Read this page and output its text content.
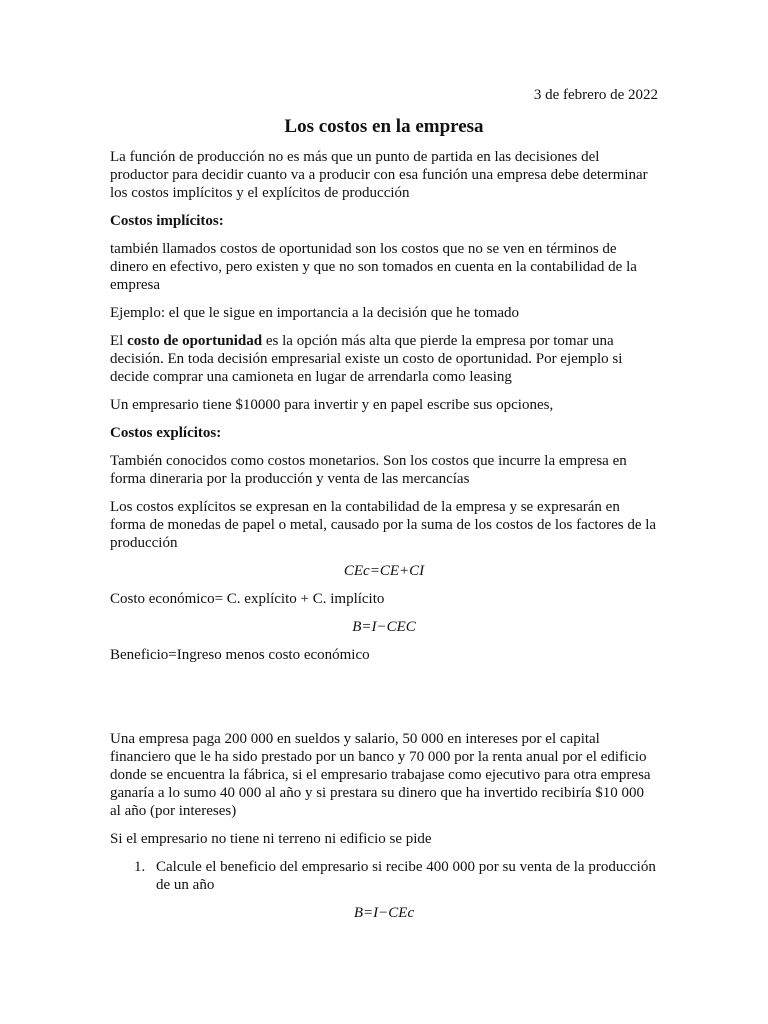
3 de febrero de 2022
Los costos en la empresa

La función de producción no es más que un punto de partida en las decisiones del productor para decidir cuanto va a producir con esa función una empresa debe determinar los costos implícitos y el explícitos de producción

Costos implícitos:

también llamados costos de oportunidad son los costos que no se ven en términos de dinero en efectivo, pero existen y que no son tomados en cuenta en la contabilidad de la empresa

Ejemplo: el que le sigue en importancia a la decisión que he tomado

El costo de oportunidad es la opción más alta que pierde la empresa por tomar una decisión. En toda decisión empresarial existe un costo de oportunidad. Por ejemplo si decide comprar una camioneta en lugar de arrendarla como leasing

Un empresario tiene $10000 para invertir y en papel escribe sus opciones,

Costos explícitos:

También conocidos como costos monetarios. Son los costos que incurre la empresa en forma dineraria por la producción y venta de las mercancías

Los costos explícitos se expresan en la contabilidad de la empresa y se expresarán en forma de monedas de papel o metal, causado por la suma de los costos de los factores de la producción

CEc=CE+CI

Costo económico= C. explícito + C. implícito

B=I−CEC

Beneficio=Ingreso menos costo económico

Una empresa paga 200 000 en sueldos y salario, 50 000 en intereses por el capital financiero que le ha sido prestado por un banco y 70 000 por la renta anual por el edificio donde se encuentra la fábrica, si el empresario trabajase como ejecutivo para otra empresa ganaría a lo sumo 40 000 al año y si prestara su dinero que ha invertido recibiría $10 000 al año (por intereses)

Si el empresario no tiene ni terreno ni edificio se pide

1. Calcule el beneficio del empresario si recibe 400 000 por su venta de la producción de un año
B=I−CEc
